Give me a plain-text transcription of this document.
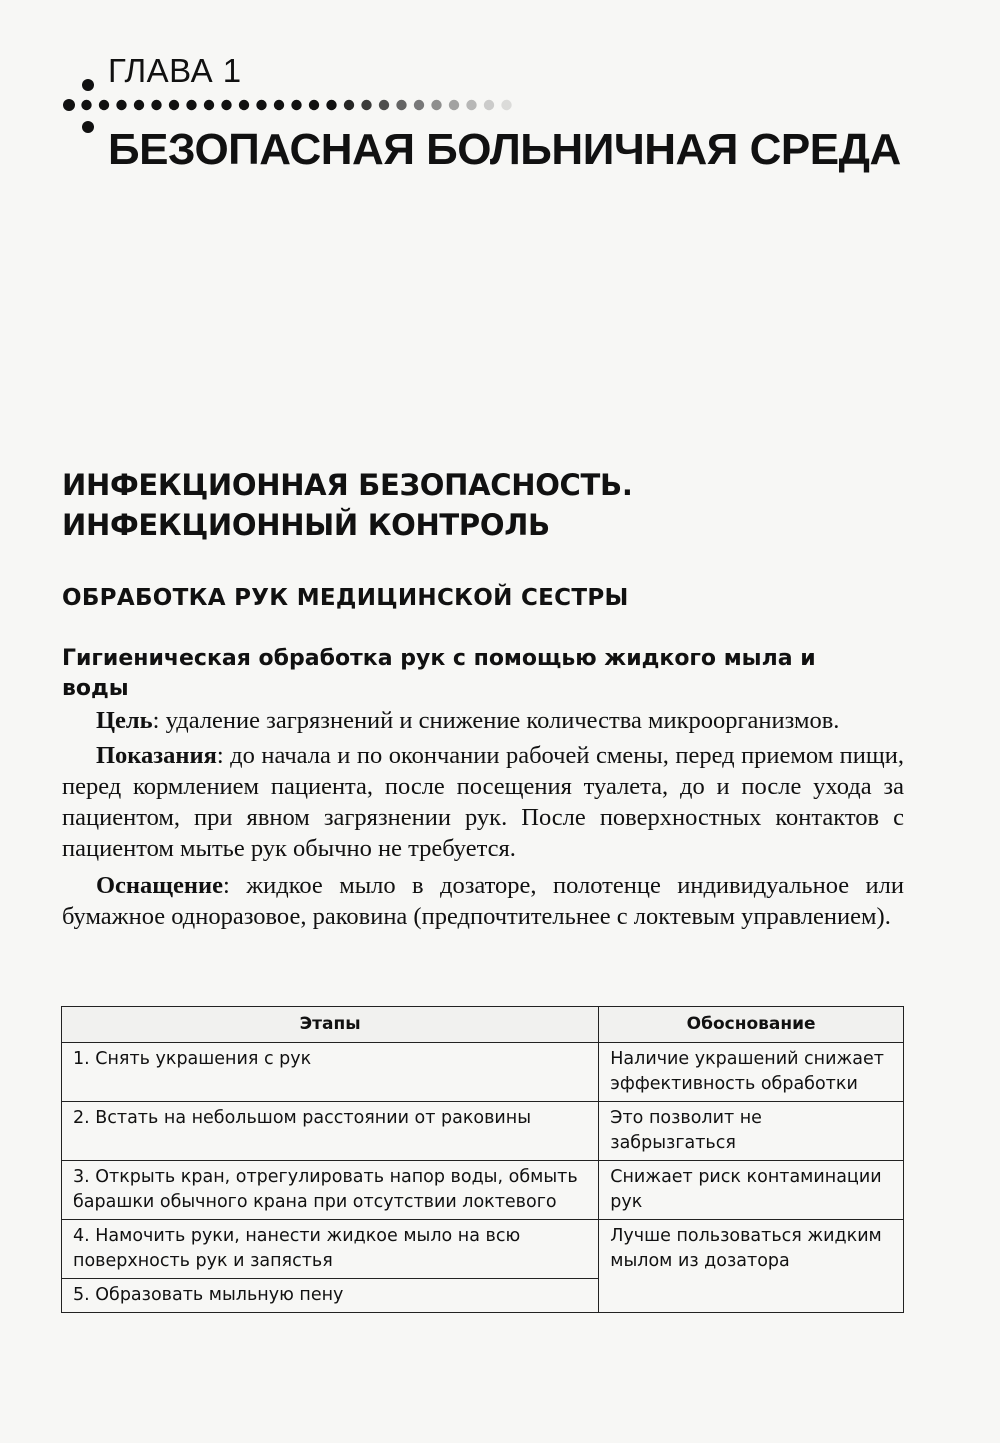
ГЛАВА 1
БЕЗОПАСНАЯ БОЛЬНИЧНАЯ СРЕДА
ИНФЕКЦИОННАЯ БЕЗОПАСНОСТЬ.
ИНФЕКЦИОННЫЙ КОНТРОЛЬ
ОБРАБОТКА РУК МЕДИЦИНСКОЙ СЕСТРЫ
Гигиеническая обработка рук с помощью жидкого мыла и воды

Цель: удаление загрязнений и снижение количества микроорганизмов.

Показания: до начала и по окончании рабочей смены, перед приемом пищи, перед кормлением пациента, после посещения туалета, до и после ухода за пациентом, при явном загрязнении рук. После поверхностных контактов с пациентом мытье рук обычно не требуется.

Оснащение: жидкое мыло в дозаторе, полотенце индивидуальное или бумажное одноразовое, раковина (предпочтительнее с локтевым управлением).

Этапы	Обоснование
1. Снять украшения с рук	Наличие украшений снижает эффективность обработки
2. Встать на небольшом расстоянии от раковины	Это позволит не забрызгаться
3. Открыть кран, отрегулировать напор воды, обмыть барашки обычного крана при отсутствии локтевого	Снижает риск контаминации рук
4. Намочить руки, нанести жидкое мыло на всю поверхность рук и запястья	Лучше пользоваться жидким мылом из дозатора
5. Образовать мыльную пену	
